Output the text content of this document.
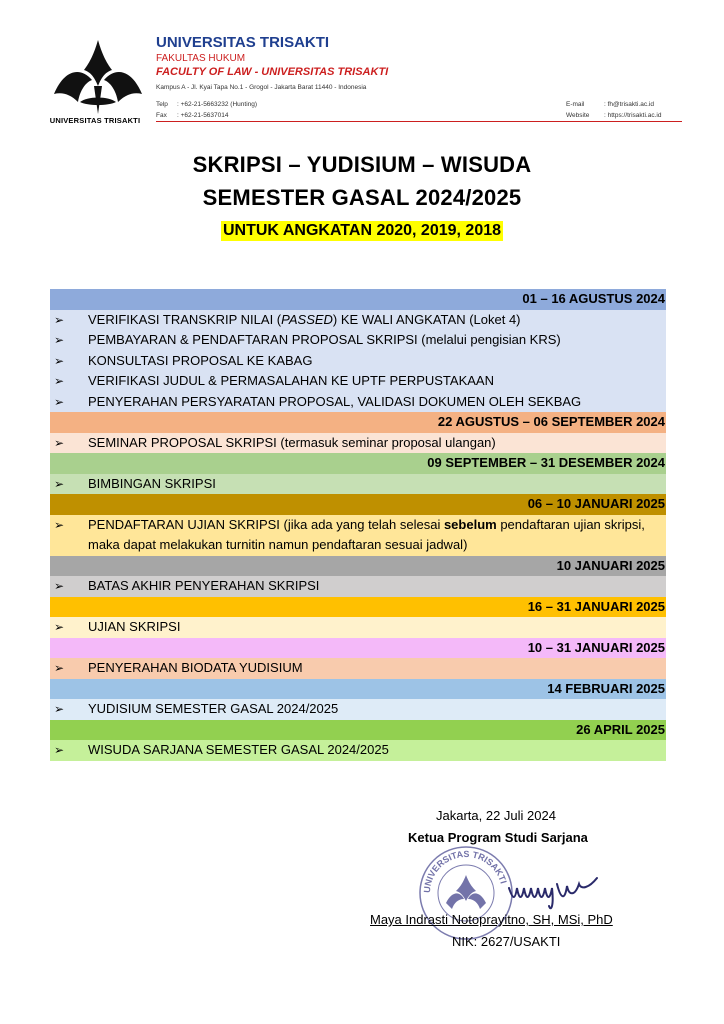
UNIVERSITAS TRISAKTI
UNIVERSITAS TRISAKTI
FAKULTAS HUKUM
FACULTY OF LAW - UNIVERSITAS TRISAKTI
Kampus A - Jl. Kyai Tapa No.1 - Grogol - Jakarta Barat 11440 - Indonesia
Telp : +62-21-5663232 (Hunting)
Fax : +62-21-5637014
E-mail	: fh@trisakti.ac.id
Website : https://trisakti.ac.id
SKRIPSI – YUDISIUM – WISUDA
SEMESTER GASAL 2024/2025
UNTUK ANGKATAN 2020, 2019, 2018
01 – 16 AGUSTUS 2024
➢ VERIFIKASI TRANSKRIP NILAI (PASSED) KE WALI ANGKATAN (Loket 4)
➢ PEMBAYARAN & PENDAFTARAN PROPOSAL SKRIPSI (melalui pengisian KRS)
➢ KONSULTASI PROPOSAL KE KABAG
➢ VERIFIKASI JUDUL & PERMASALAHAN KE UPTF PERPUSTAKAAN
➢ PENYERAHAN PERSYARATAN PROPOSAL, VALIDASI DOKUMEN OLEH SEKBAG
22 AGUSTUS – 06 SEPTEMBER 2024
➢ SEMINAR PROPOSAL SKRIPSI (termasuk seminar proposal ulangan)
09 SEPTEMBER – 31 DESEMBER 2024
➢ BIMBINGAN SKRIPSI
06 – 10 JANUARI 2025
➢ PENDAFTARAN UJIAN SKRIPSI (jika ada yang telah selesai sebelum pendaftaran ujian skripsi, maka dapat melakukan turnitin namun pendaftaran sesuai jadwal)
10 JANUARI 2025
➢ BATAS AKHIR PENYERAHAN SKRIPSI
16 – 31 JANUARI 2025
➢ UJIAN SKRIPSI
10 – 31 JANUARI 2025
➢ PENYERAHAN BIODATA YUDISIUM
14 FEBRUARI 2025
➢ YUDISIUM SEMESTER GASAL 2024/2025
26 APRIL 2025
➢ WISUDA SARJANA SEMESTER GASAL 2024/2025
Jakarta, 22 Juli 2024
Ketua Program Studi Sarjana
UNIVERSITAS TRISAKTI
Maya Indrasti Notoprayitno, SH, MSi, PhD
NIK: 2627/USAKTI
